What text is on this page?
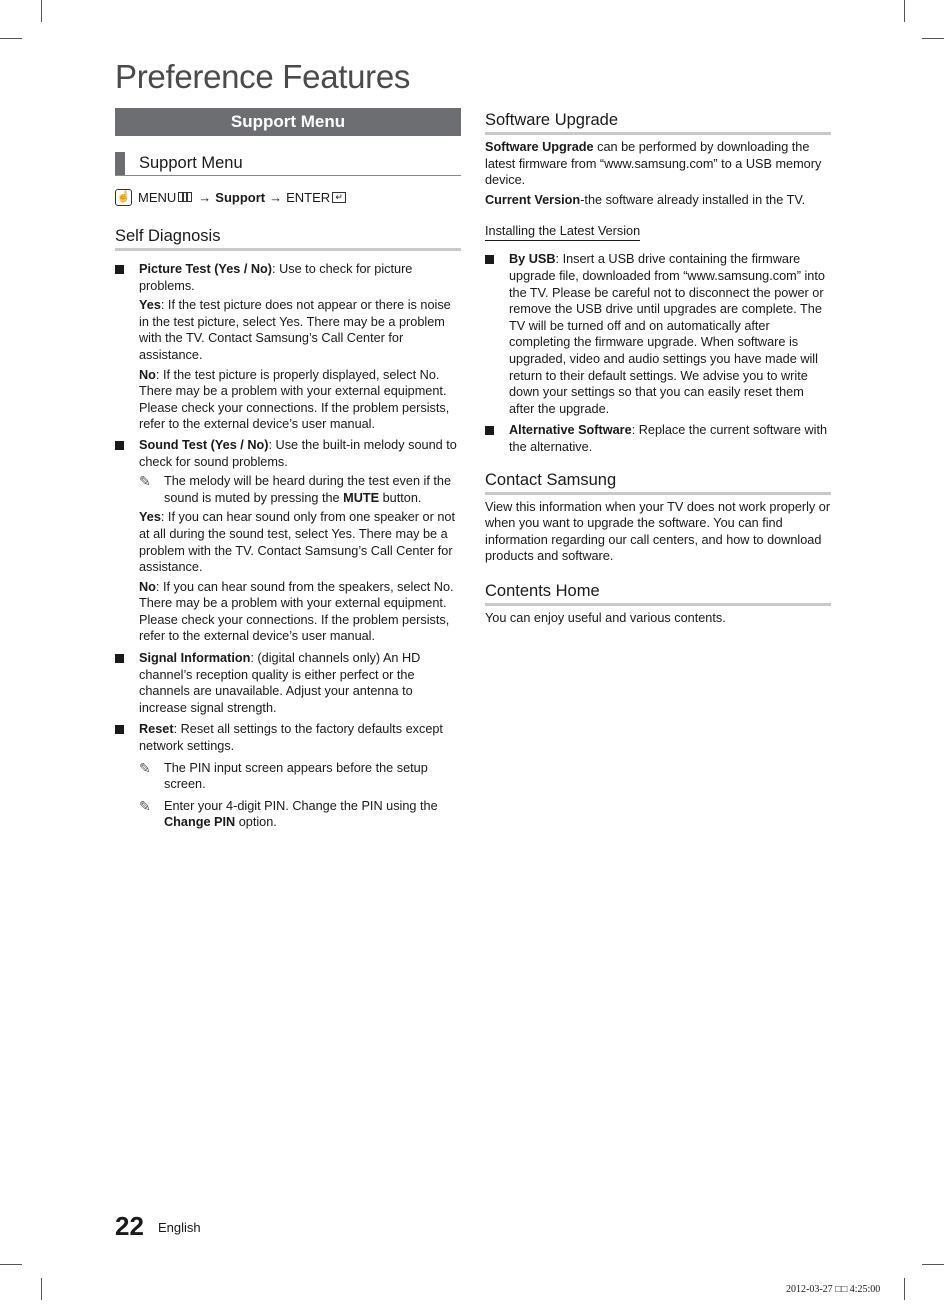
Preference Features
Support Menu
Support Menu
☝ MENU → Support → ENTER ↵
Self Diagnosis
Picture Test (Yes / No): Use to check for picture problems.

Yes: If the test picture does not appear or there is noise in the test picture, select Yes. There may be a problem with the TV. Contact Samsung’s Call Center for assistance.

No: If the test picture is properly displayed, select No. There may be a problem with your external equipment. Please check your connections. If the problem persists, refer to the external device’s user manual.

Sound Test (Yes / No): Use the built-in melody sound to check for sound problems.

✎ The melody will be heard during the test even if the sound is muted by pressing the MUTE button.

Yes: If you can hear sound only from one speaker or not at all during the sound test, select Yes. There may be a problem with the TV. Contact Samsung’s Call Center for assistance.

No: If you can hear sound from the speakers, select No. There may be a problem with your external equipment. Please check your connections. If the problem persists, refer to the external device’s user manual.

Signal Information: (digital channels only) An HD channel’s reception quality is either perfect or the channels are unavailable. Adjust your antenna to increase signal strength.
Reset: Reset all settings to the factory defaults except network settings.

✎ The PIN input screen appears before the setup screen.

✎ Enter your 4-digit PIN. Change the PIN using the Change PIN option.

Software Upgrade

Software Upgrade can be performed by downloading the latest firmware from “www.samsung.com” to a USB memory device.

Current Version-the software already installed in the TV.

Installing the Latest Version
By USB: Insert a USB drive containing the firmware upgrade file, downloaded from “www.samsung.com” into the TV. Please be careful not to disconnect the power or remove the USB drive until upgrades are complete. The TV will be turned off and on automatically after completing the firmware upgrade. When software is upgraded, video and audio settings you have made will return to their default settings. We advise you to write down your settings so that you can easily reset them after the upgrade.
Alternative Software: Replace the current software with the alternative.
Contact Samsung

View this information when your TV does not work properly or when you want to upgrade the software. You can find information regarding our call centers, and how to download products and software.

Contents Home

You can enjoy useful and various contents.

22 English
2012-03-27 □□ 4:25:00
